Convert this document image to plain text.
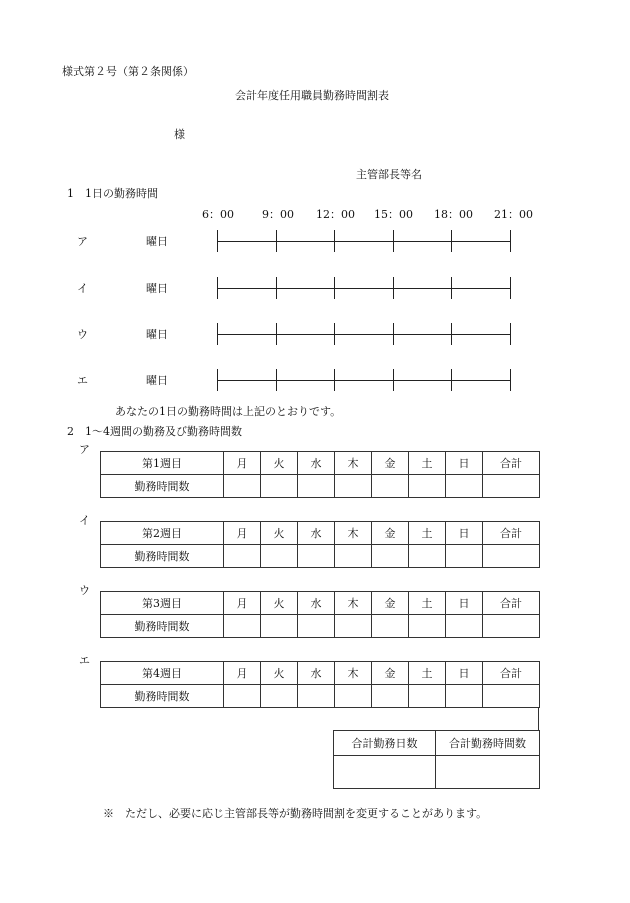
様式第２号（第２条関係）
会計年度任用職員勤務時間割表
様
主管部長等名
1　1日の勤務時間
6：00	9：00 12：00 15：00 18：00 21：00
ア	曜日
イ	曜日
ウ	曜日
エ	曜日
あなたの1日の勤務時間は上記のとおりです。
2　1～4週間の勤務及び勤務時間数
ア
第1週目	月	火	水	木	金	土	日	合計
勤務時間数								
イ
第2週目	月	火	水	木	金	土	日	合計
勤務時間数								
ウ
第3週目	月	火	水	木	金	土	日	合計
勤務時間数								
エ
第4週目	月	火	水	木	金	土	日	合計
勤務時間数								
合計勤務日数	合計勤務時間数

※　ただし、必要に応じ主管部長等が勤務時間割を変更することがあります。
